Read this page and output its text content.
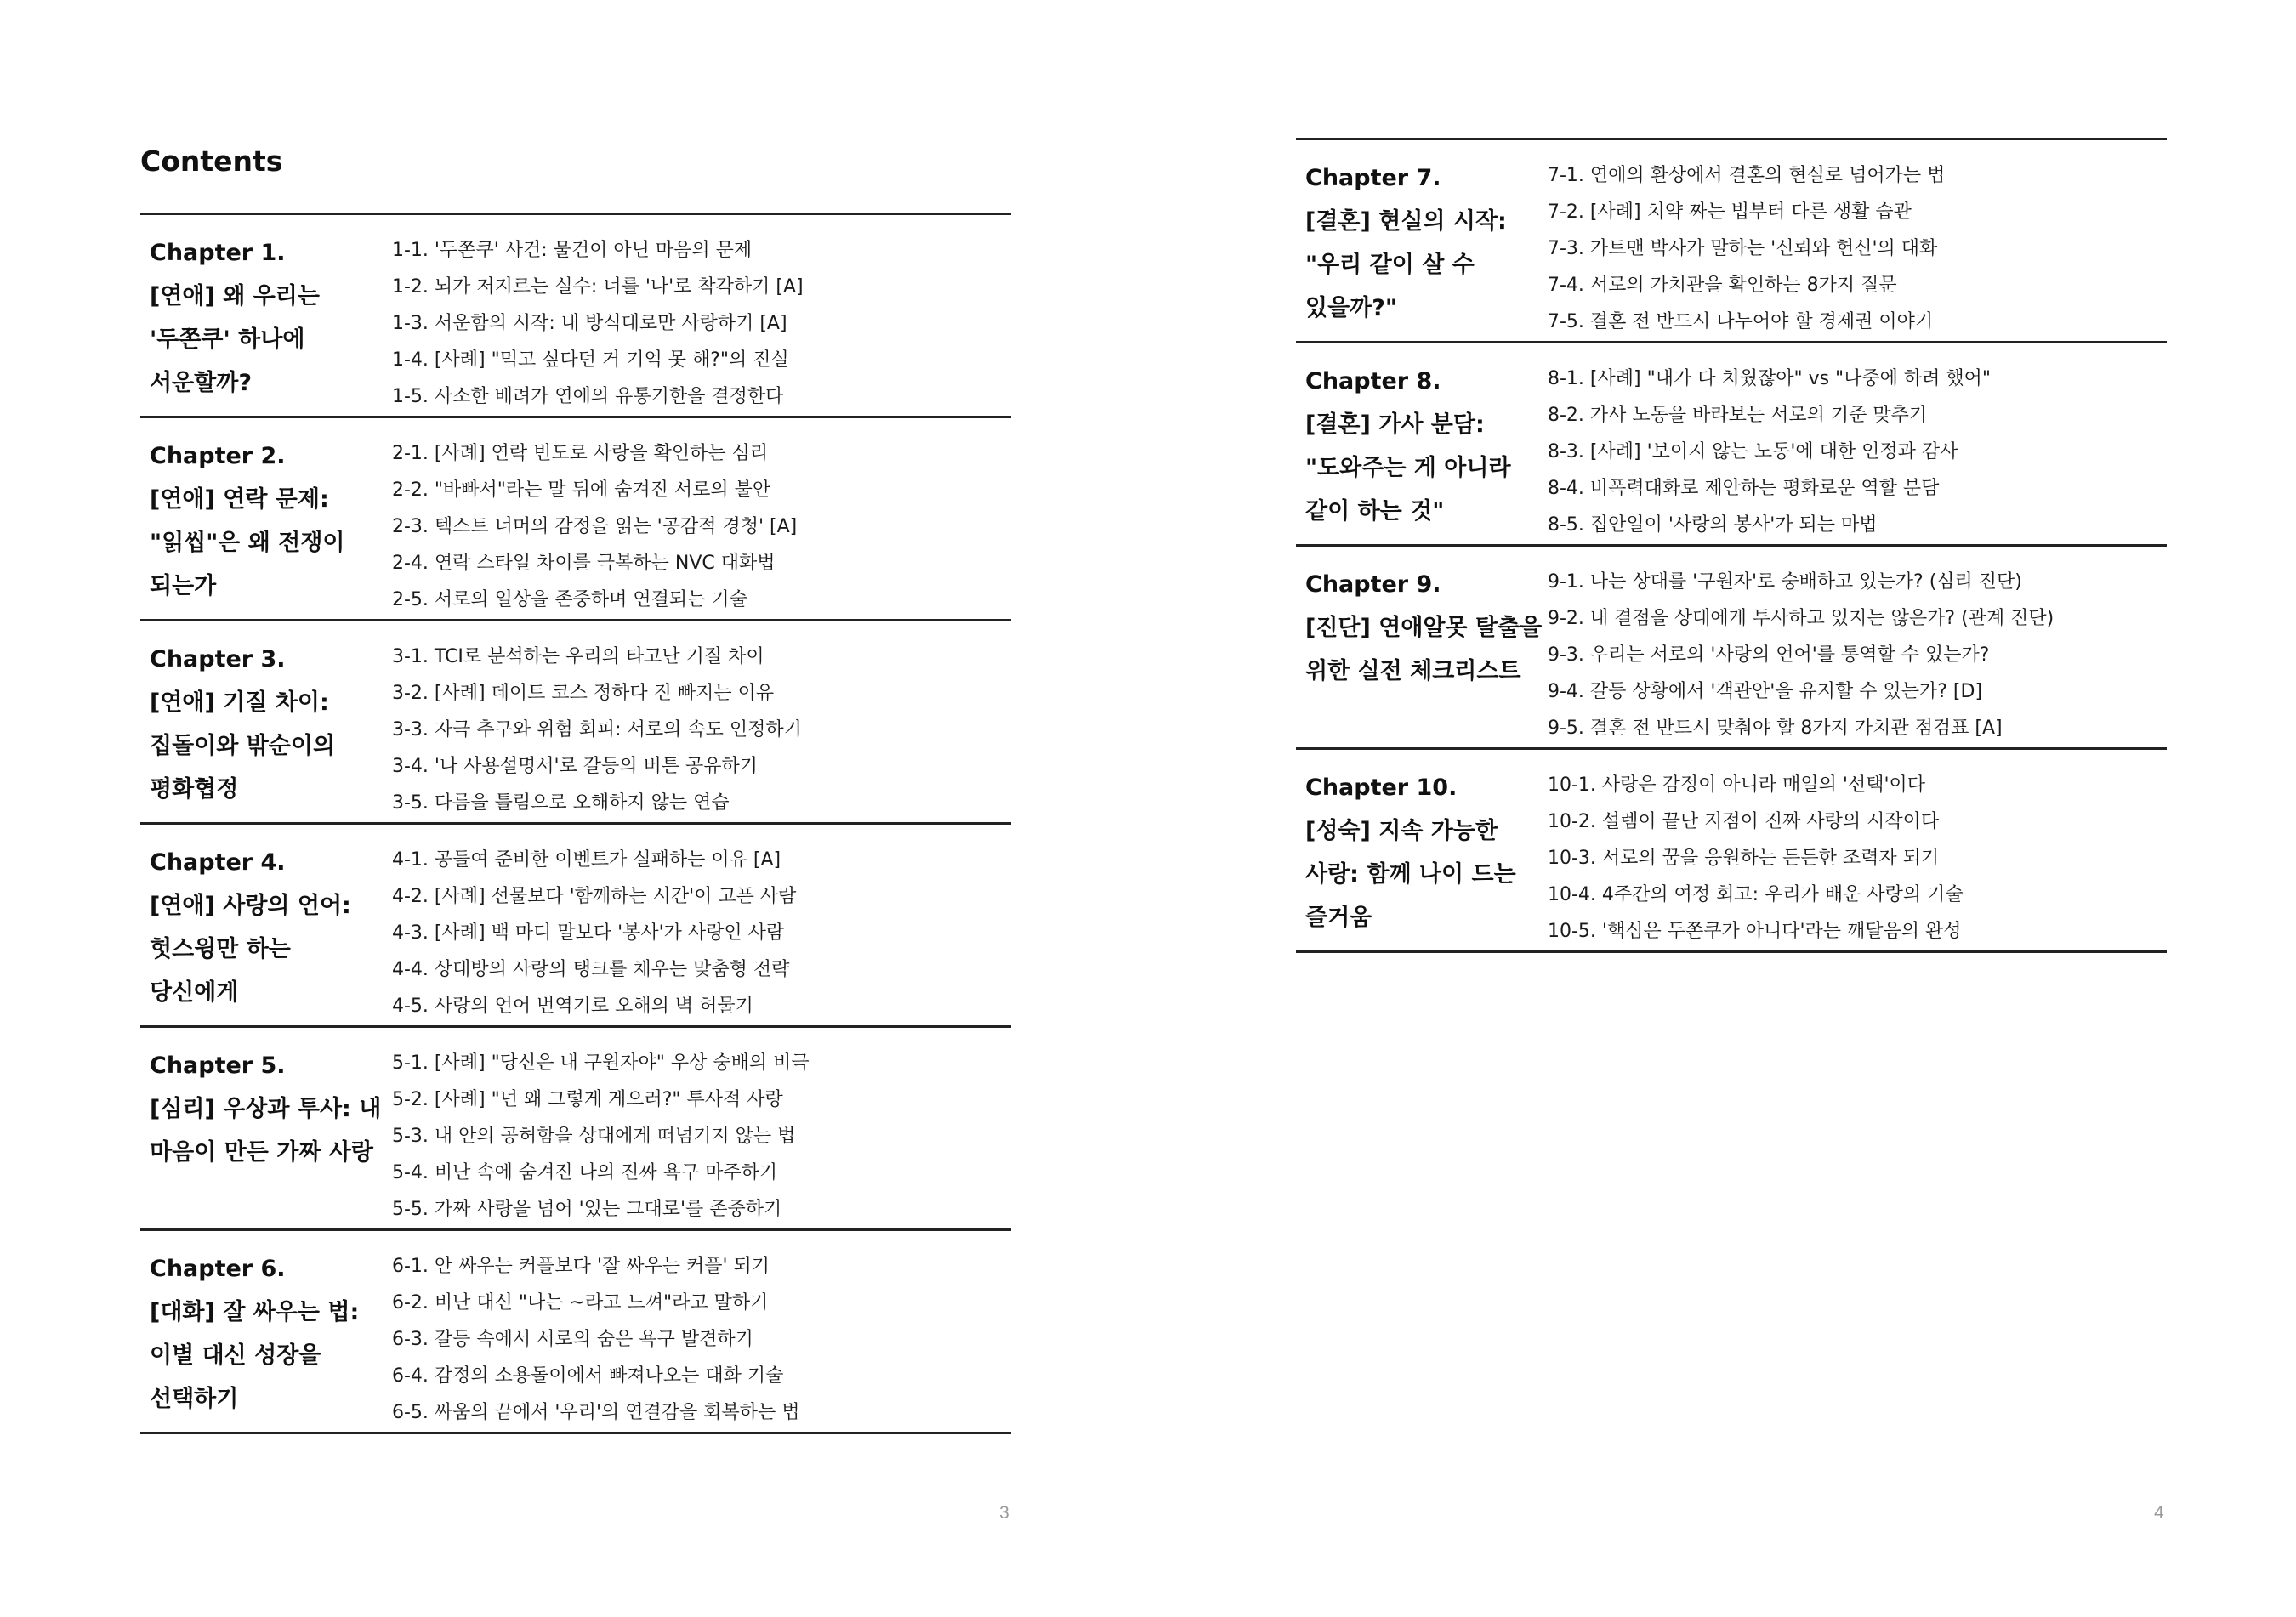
Contents
Chapter 1.
[연애] 왜 우리는
'두쫀쿠' 하나에
서운할까?
1-1. '두쫀쿠' 사건: 물건이 아닌 마음의 문제
1-2. 뇌가 저지르는 실수: 너를 '나'로 착각하기 [A]
1-3. 서운함의 시작: 내 방식대로만 사랑하기 [A]
1-4. [사례] "먹고 싶다던 거 기억 못 해?"의 진실
1-5. 사소한 배려가 연애의 유통기한을 결정한다
Chapter 2.
[연애] 연락 문제:
"읽씹"은 왜 전쟁이
되는가
2-1. [사례] 연락 빈도로 사랑을 확인하는 심리
2-2. "바빠서"라는 말 뒤에 숨겨진 서로의 불안
2-3. 텍스트 너머의 감정을 읽는 '공감적 경청' [A]
2-4. 연락 스타일 차이를 극복하는 NVC 대화법
2-5. 서로의 일상을 존중하며 연결되는 기술
Chapter 3.
[연애] 기질 차이:
집돌이와 밖순이의
평화협정
3-1. TCI로 분석하는 우리의 타고난 기질 차이
3-2. [사례] 데이트 코스 정하다 진 빠지는 이유
3-3. 자극 추구와 위험 회피: 서로의 속도 인정하기
3-4. '나 사용설명서'로 갈등의 버튼 공유하기
3-5. 다름을 틀림으로 오해하지 않는 연습
Chapter 4.
[연애] 사랑의 언어:
헛스윙만 하는
당신에게
4-1. 공들여 준비한 이벤트가 실패하는 이유 [A]
4-2. [사례] 선물보다 '함께하는 시간'이 고픈 사람
4-3. [사례] 백 마디 말보다 '봉사'가 사랑인 사람
4-4. 상대방의 사랑의 탱크를 채우는 맞춤형 전략
4-5. 사랑의 언어 번역기로 오해의 벽 허물기
Chapter 5.
[심리] 우상과 투사: 내
마음이 만든 가짜 사랑
5-1. [사례] "당신은 내 구원자야" 우상 숭배의 비극
5-2. [사례] "넌 왜 그렇게 게으러?" 투사적 사랑
5-3. 내 안의 공허함을 상대에게 떠넘기지 않는 법
5-4. 비난 속에 숨겨진 나의 진짜 욕구 마주하기
5-5. 가짜 사랑을 넘어 '있는 그대로'를 존중하기
Chapter 6.
[대화] 잘 싸우는 법:
이별 대신 성장을
선택하기
6-1. 안 싸우는 커플보다 '잘 싸우는 커플' 되기
6-2. 비난 대신 "나는 ~라고 느껴"라고 말하기
6-3. 갈등 속에서 서로의 숨은 욕구 발견하기
6-4. 감정의 소용돌이에서 빠져나오는 대화 기술
6-5. 싸움의 끝에서 '우리'의 연결감을 회복하는 법
3
Chapter 7.
[결혼] 현실의 시작:
"우리 같이 살 수
있을까?"
7-1. 연애의 환상에서 결혼의 현실로 넘어가는 법
7-2. [사례] 치약 짜는 법부터 다른 생활 습관
7-3. 가트맨 박사가 말하는 '신뢰와 헌신'의 대화
7-4. 서로의 가치관을 확인하는 8가지 질문
7-5. 결혼 전 반드시 나누어야 할 경제권 이야기
Chapter 8.
[결혼] 가사 분담:
"도와주는 게 아니라
같이 하는 것"
8-1. [사례] "내가 다 치웠잖아" vs "나중에 하려 했어"
8-2. 가사 노동을 바라보는 서로의 기준 맞추기
8-3. [사례] '보이지 않는 노동'에 대한 인정과 감사
8-4. 비폭력대화로 제안하는 평화로운 역할 분담
8-5. 집안일이 '사랑의 봉사'가 되는 마법
Chapter 9.
[진단] 연애알못 탈출을
위한 실전 체크리스트
9-1. 나는 상대를 '구원자'로 숭배하고 있는가? (심리 진단)
9-2. 내 결점을 상대에게 투사하고 있지는 않은가? (관계 진단)
9-3. 우리는 서로의 '사랑의 언어'를 통역할 수 있는가?
9-4. 갈등 상황에서 '객관안'을 유지할 수 있는가? [D]
9-5. 결혼 전 반드시 맞춰야 할 8가지 가치관 점검표 [A]
Chapter 10.
[성숙] 지속 가능한
사랑: 함께 나이 드는
즐거움
10-1. 사랑은 감정이 아니라 매일의 '선택'이다
10-2. 설렘이 끝난 지점이 진짜 사랑의 시작이다
10-3. 서로의 꿈을 응원하는 든든한 조력자 되기
10-4. 4주간의 여정 회고: 우리가 배운 사랑의 기술
10-5. '핵심은 두쫀쿠가 아니다'라는 깨달음의 완성
4
